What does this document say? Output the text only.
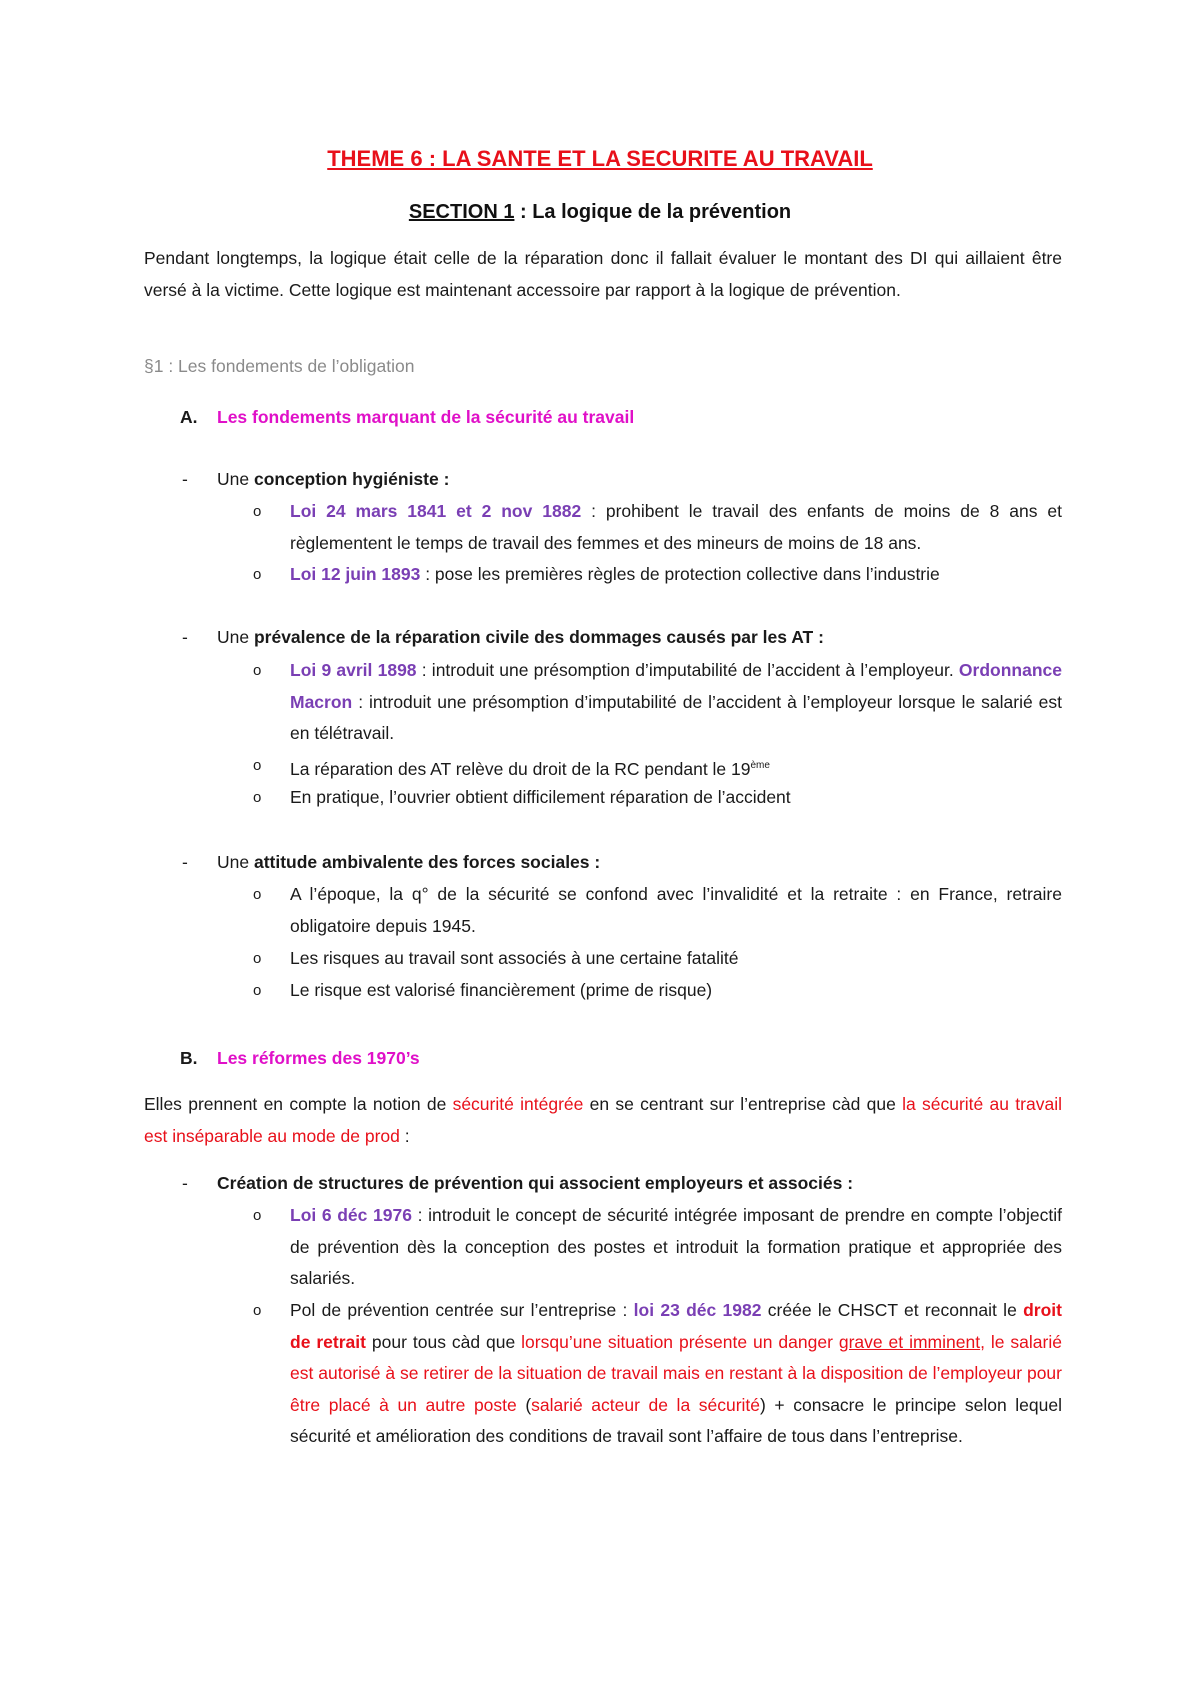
THEME 6 : LA SANTE ET LA SECURITE AU TRAVAIL
SECTION 1 : La logique de la prévention

Pendant longtemps, la logique était celle de la réparation donc il fallait évaluer le montant des DI qui aillaient être versé à la victime. Cette logique est maintenant accessoire par rapport à la logique de prévention.

§1 : Les fondements de l’obligation
A. Les fondements marquant de la sécurité au travail
- Une conception hygiéniste :
o Loi 24 mars 1841 et 2 nov 1882 : prohibent le travail des enfants de moins de 8 ans et règlementent le temps de travail des femmes et des mineurs de moins de 18 ans.

o Loi 12 juin 1893 : pose les premières règles de protection collective dans l’industrie

- Une prévalence de la réparation civile des dommages causés par les AT :
o Loi 9 avril 1898 : introduit une présomption d’imputabilité de l’accident à l’employeur. Ordonnance Macron : introduit une présomption d’imputabilité de l’accident à l’employeur lorsque le salarié est en télétravail.

o La réparation des AT relève du droit de la RC pendant le 19ème

o En pratique, l’ouvrier obtient difficilement réparation de l’accident

- Une attitude ambivalente des forces sociales :
o A l’époque, la q° de la sécurité se confond avec l’invalidité et la retraite : en France, retraire obligatoire depuis 1945.

o Les risques au travail sont associés à une certaine fatalité

o Le risque est valorisé financièrement (prime de risque)

B. Les réformes des 1970’s

Elles prennent en compte la notion de sécurité intégrée en se centrant sur l’entreprise càd que la sécurité au travail est inséparable au mode de prod :

- Création de structures de prévention qui associent employeurs et associés :
o Loi 6 déc 1976 : introduit le concept de sécurité intégrée imposant de prendre en compte l’objectif de prévention dès la conception des postes et introduit la formation pratique et appropriée des salariés.

o Pol de prévention centrée sur l’entreprise : loi 23 déc 1982 créée le CHSCT et reconnait le droit de retrait pour tous càd que lorsqu’une situation présente un danger grave et imminent, le salarié est autorisé à se retirer de la situation de travail mais en restant à la disposition de l’employeur pour être placé à un autre poste (salarié acteur de la sécurité) + consacre le principe selon lequel sécurité et amélioration des conditions de travail sont l’affaire de tous dans l’entreprise.
